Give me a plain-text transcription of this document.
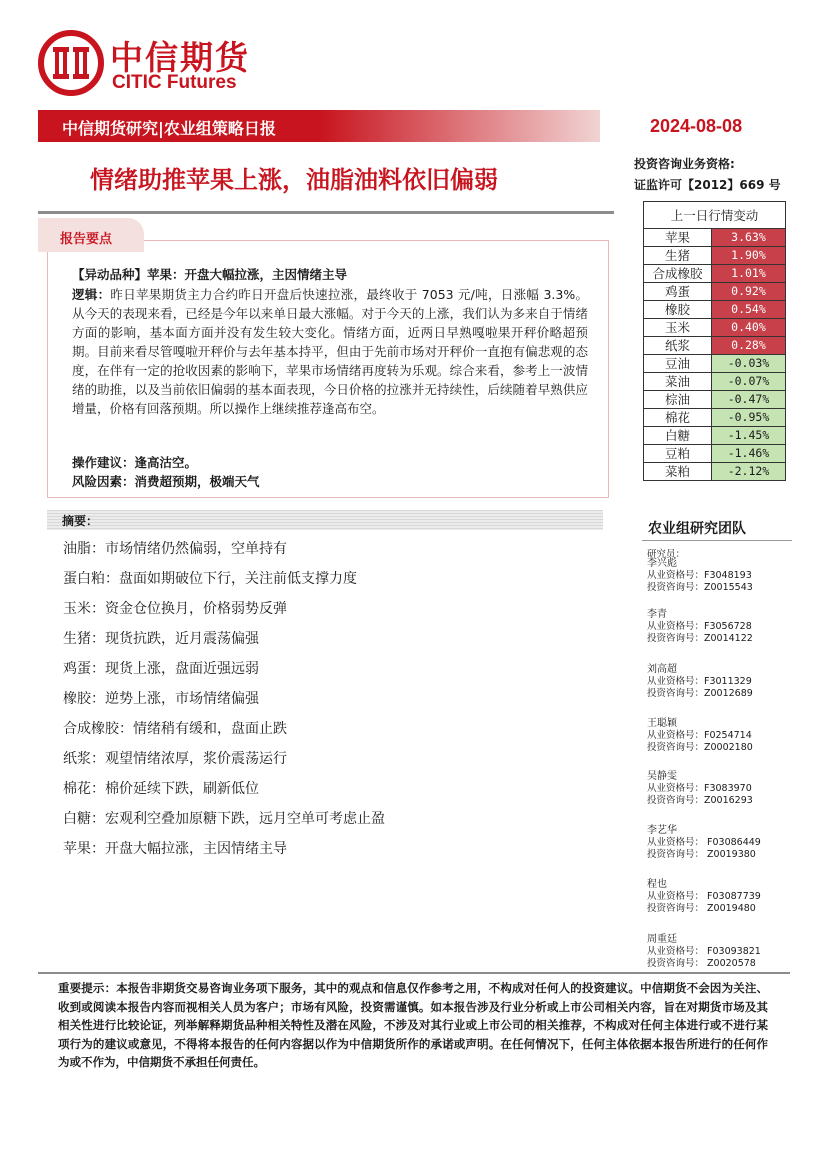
中信期货
CITIC Futures
中信期货研究|农业组策略日报	2024-08-08
情绪助推苹果上涨，油脂油料依旧偏弱
投资咨询业务资格:
证监许可【2012】669 号
报告要点
【异动品种】苹果：开盘大幅拉涨，主因情绪主导
逻辑：昨日苹果期货主力合约昨日开盘后快速拉涨，最终收于 7053 元/吨，日涨幅 3.3%。从今天的表现来看，已经是今年以来单日最大涨幅。对于今天的上涨，我们认为多来自于情绪方面的影响，基本面方面并没有发生较大变化。情绪方面，近两日早熟嘎啦果开秤价略超预期。目前来看尽管嘎啦开秤价与去年基本持平，但由于先前市场对开秤价一直抱有偏悲观的态度，在伴有一定的抢收因素的影响下，苹果市场情绪再度转为乐观。综合来看，参考上一波情绪的助推，以及当前依旧偏弱的基本面表现，今日价格的拉涨并无持续性，后续随着早熟供应增量，价格有回落预期。所以操作上继续推荐逢高布空。
操作建议：逢高沽空。
风险因素：消费超预期，极端天气
摘要：
油脂：市场情绪仍然偏弱，空单持有
蛋白粕：盘面如期破位下行，关注前低支撑力度
玉米：资金仓位换月，价格弱势反弹
生猪：现货抗跌，近月震荡偏强
鸡蛋：现货上涨，盘面近强远弱
橡胶：逆势上涨，市场情绪偏强
合成橡胶：情绪稍有缓和，盘面止跌
纸浆：观望情绪浓厚，浆价震荡运行
棉花：棉价延续下跌，刷新低位
白糖：宏观利空叠加原糖下跌，远月空单可考虑止盈
苹果：开盘大幅拉涨，主因情绪主导
上一日行情变动	
苹果	3.63%
生猪	1.90%
合成橡胶	1.01%
鸡蛋	0.92%
橡胶	0.54%
玉米	0.40%
纸浆	0.28%
豆油	-0.03%
菜油	-0.07%
棕油	-0.47%
棉花	-0.95%
白糖	-1.45%
豆粕	-1.46%
菜粕	-2.12%
农业组研究团队
研究员：
李兴彪
从业资格号：F3048193
投资咨询号：Z0015543
李青
从业资格号：F3056728
投资咨询号：Z0014122
刘高超
从业资格号：F3011329
投资咨询号：Z0012689
王聪颖
从业资格号：F0254714
投资咨询号：Z0002180
吴静雯
从业资格号：F3083970
投资咨询号：Z0016293
李艺华
从业资格号： F03086449
投资咨询号： Z0019380
程也
从业资格号： F03087739
投资咨询号： Z0019480
周重廷
从业资格号： F03093821
投资咨询号： Z0020578
重要提示：本报告非期货交易咨询业务项下服务，其中的观点和信息仅作参考之用，不构成对任何人的投资建议。中信期货不会因为关注、收到或阅读本报告内容而视相关人员为客户；市场有风险，投资需谨慎。如本报告涉及行业分析或上市公司相关内容，旨在对期货市场及其相关性进行比较论证，列举解释期货品种相关特性及潜在风险，不涉及对其行业或上市公司的相关推荐，不构成对任何主体进行或不进行某项行为的建议或意见，不得将本报告的任何内容据以作为中信期货所作的承诺或声明。在任何情况下，任何主体依据本报告所进行的任何作为或不作为，中信期货不承担任何责任。
